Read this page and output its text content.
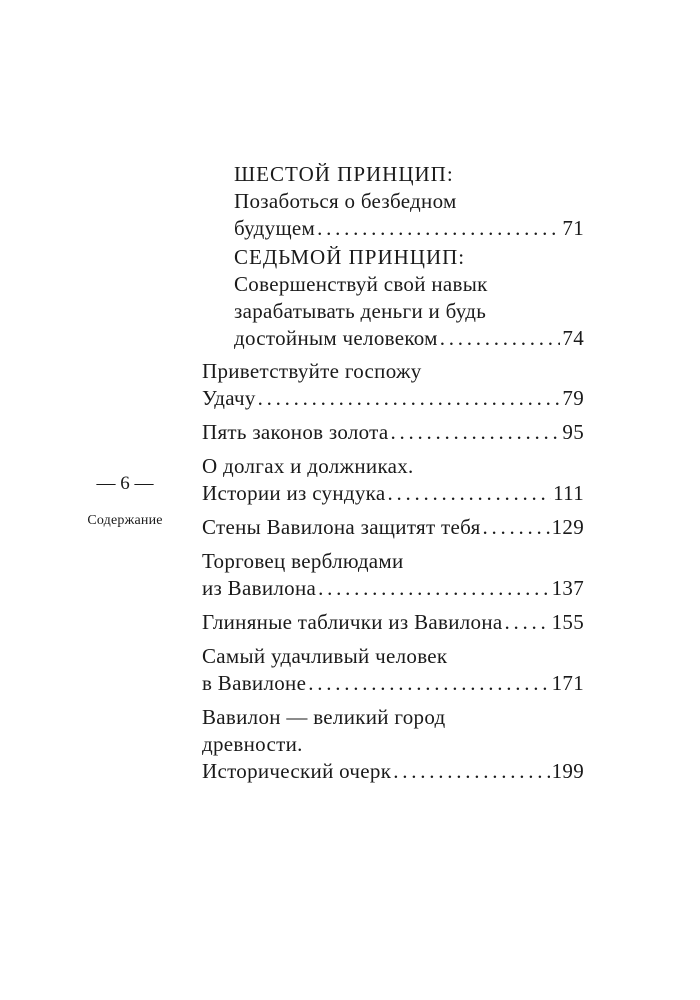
— 6 —
Содержание
ШЕСТОЙ ПРИНЦИП:
Позаботься о безбедном
будущем . . .	71
СЕДЬМОЙ ПРИНЦИП:
Совершенствуй свой навык
зарабатывать деньги и будь
достойным человеком . . .	74
Приветствуйте госпожу
Удачу . . .	79
Пять законов золота . . .	95
О долгах и должниках.
Истории из сундука . . .	111
Стены Вавилона защитят тебя . . .	129
Торговец верблюдами
из Вавилона . . .	137
Глиняные таблички из Вавилона . . . 155
Самый удачливый человек
в Вавилоне . . .	171
Вавилон — великий город
древности.
Исторический очерк . . .	199
